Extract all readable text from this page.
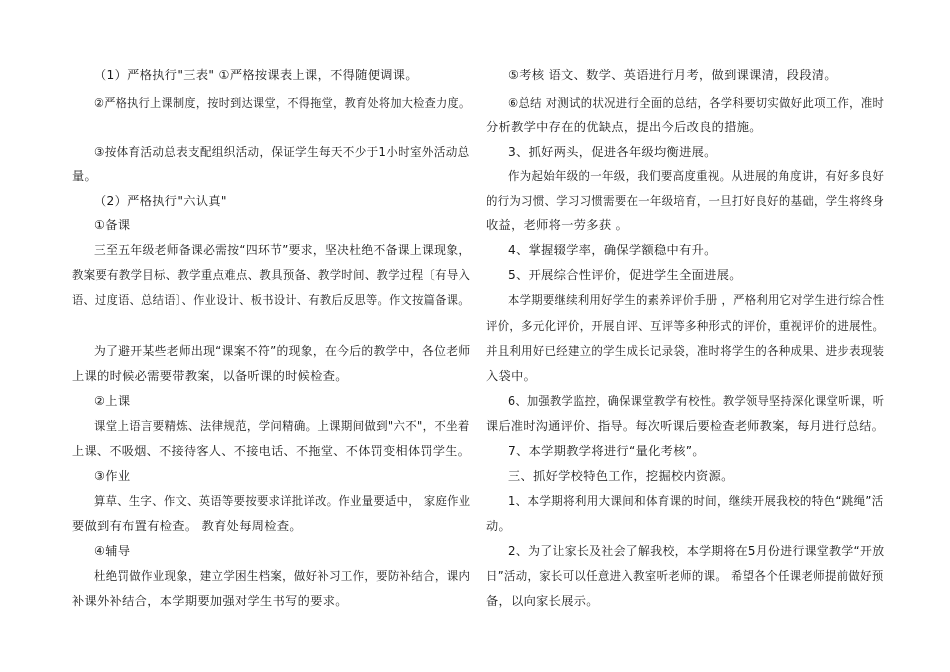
（1）严格执行"三表" ①严格按课表上课，不得随便调课。
②严格执行上课制度，按时到达课堂，不得拖堂，教育处将加大检查力度。
③按体育活动总表支配组织活动，保证学生每天不少于1小时室外活动总
量。
（2）严格执行"六认真"
①备课
三至五年级老师备课必需按“四环节”要求，坚决杜绝不备课上课现象，
教案要有教学目标、教学重点难点、教具预备、教学时间、教学过程〔有导入
语、过度语、总结语〕、作业设计、板书设计、有教后反思等。作文按篇备课。
为了避开某些老师出现“课案不符”的现象，在今后的教学中，各位老师
上课的时候必需要带教案，以备听课的时候检查。
②上课
课堂上语言要精炼、法律规范，学问精确。上课期间做到"六不"，不坐着
上课、不吸烟、不接待客人、不接电话、不拖堂、不体罚变相体罚学生。
③作业
算草、生字、作文、英语等要按要求详批详改。作业量要适中， 家庭作业
要做到有布置有检查。 教育处每周检查。
④辅导
杜绝罚做作业现象，建立学困生档案，做好补习工作，要防补结合，课内
补课外补结合，本学期要加强对学生书写的要求。
⑤考核 语文、数学、英语进行月考，做到课课清，段段清。
⑥总结 对测试的状况进行全面的总结，各学科要切实做好此项工作，准时
分析教学中存在的优缺点，提出今后改良的措施。
3、抓好两头，促进各年级均衡进展。
作为起始年级的一年级，我们要高度重视。从进展的角度讲，有好多良好
的行为习惯、学习习惯需要在一年级培育，一旦打好良好的基础，学生将终身
收益，老师将一劳多获 。
4、掌握辍学率，确保学额稳中有升。
5、开展综合性评价，促进学生全面进展。
本学期要继续利用好学生的素养评价手册 ，严格利用它对学生进行综合性
评价，多元化评价，开展自评、互评等多种形式的评价，重视评价的进展性。
并且利用好已经建立的学生成长记录袋，准时将学生的各种成果、进步表现装
入袋中。
6、加强教学监控，确保课堂教学有校性。教学领导坚持深化课堂听课，听
课后准时沟通评价、指导。每次听课后要检查老师教案，每月进行总结。
7、本学期教学将进行“量化考核”。
三、抓好学校特色工作，挖掘校内资源。
1、本学期将利用大课间和体育课的时间，继续开展我校的特色“跳绳”活
动。
2、为了让家长及社会了解我校，本学期将在5月份进行课堂教学“开放
日”活动，家长可以任意进入教室听老师的课。 希望各个任课老师提前做好预
备，以向家长展示。
